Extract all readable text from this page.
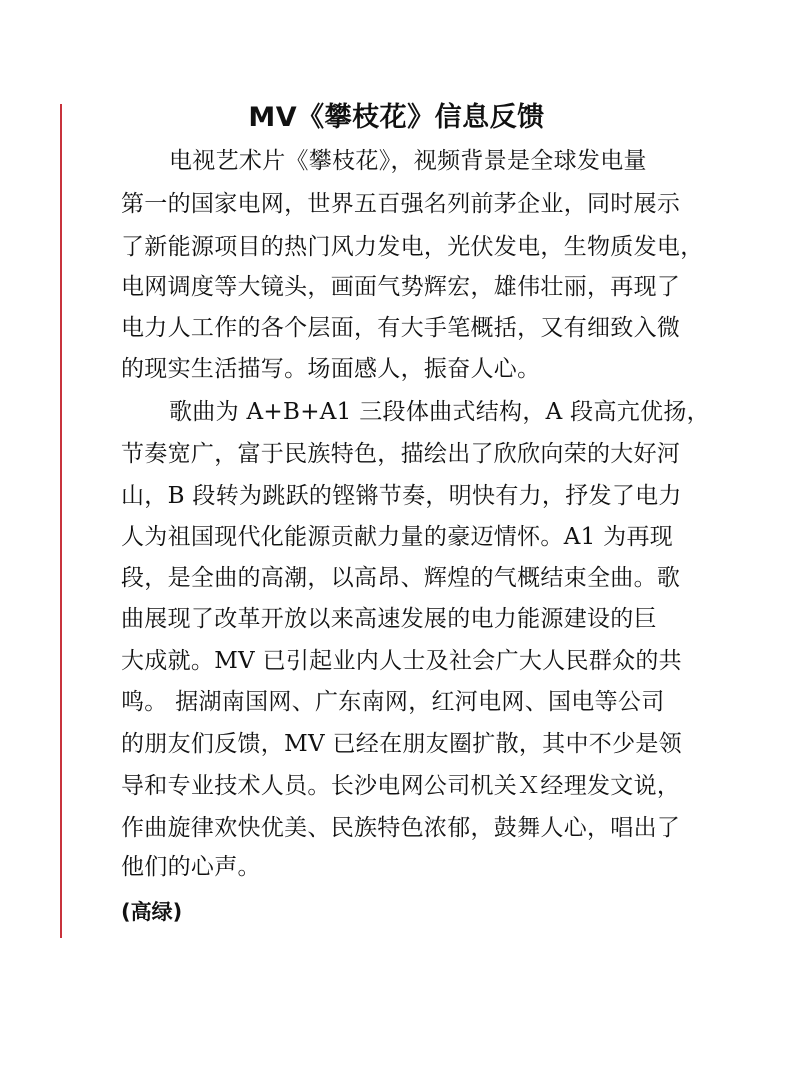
MV《攀枝花》信息反馈
电视艺术片《攀枝花》，视频背景是全球发电量
第一的国家电网，世界五百强名列前茅企业，同时展示
了新能源项目的热门风力发电，光伏发电，生物质发电，
电网调度等大镜头，画面气势辉宏，雄伟壮丽，再现了
电力人工作的各个层面，有大手笔概括，又有细致入微
的现实生活描写。场面感人，振奋人心。
歌曲为 A+B+A1 三段体曲式结构，A 段高亢优扬，
节奏宽广，富于民族特色，描绘出了欣欣向荣的大好河
山，B 段转为跳跃的铿锵节奏，明快有力，抒发了电力
人为祖国现代化能源贡献力量的豪迈情怀。A1 为再现
段，是全曲的高潮，以高昂、辉煌的气概结束全曲。歌
曲展现了改革开放以来高速发展的电力能源建设的巨
大成就。MV 已引起业内人士及社会广大人民群众的共
鸣。 据湖南国网、广东南网，红河电网、国电等公司
的朋友们反馈，MV 已经在朋友圈扩散，其中不少是领
导和专业技术人员。长沙电网公司机关Ｘ经理发文说，
作曲旋律欢快优美、民族特色浓郁，鼓舞人心，唱出了
他们的心声。
(高绿)
